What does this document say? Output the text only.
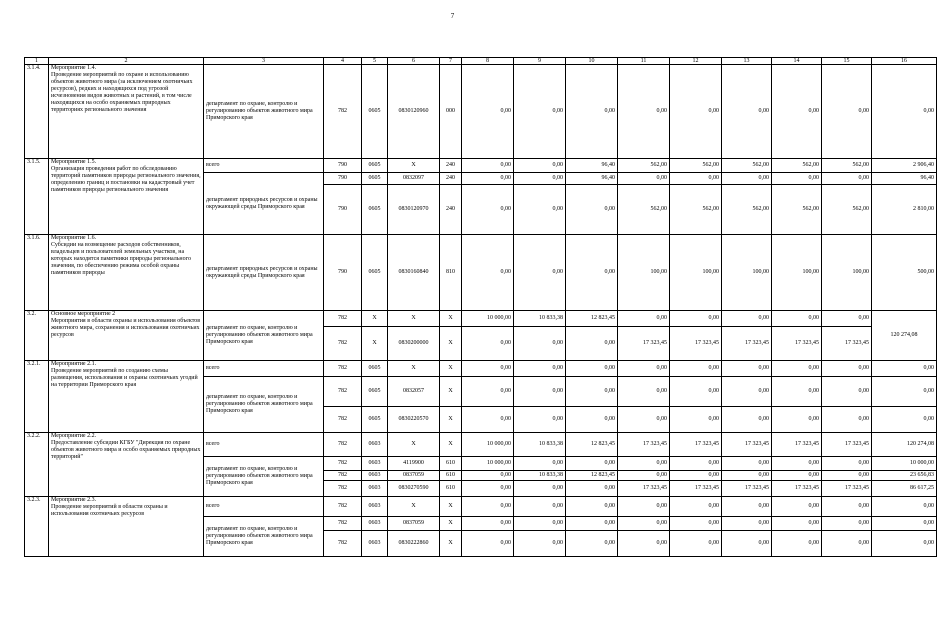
7
1	2	3	4	5	6	7	8	9	10	11	12	13	14	15	16
3.1.4.	Мероприятие 1.4.
Проведение мероприятий по охране и использованию объектов животного мира (за исключением охотничьих ресурсов), редких и находящихся под угрозой исчезновения видов животных и растений, в том числе находящихся на особо охраняемых природных территориях регионального значения	департамент по охране, контролю и регулированию объектов животного мира Приморского края	782	0605	0830120960	000	0,00	0,00	0,00	0,00	0,00	0,00	0,00	0,00	0,00
3.1.5.	Мероприятие 1.5.
Организация проведения работ по обследованию территорий памятников природы регионального значения, определению границ и постановки на кадастровый учет памятников природы регионального значения	всего	790	0605	X	240	0,00	0,00	96,40	562,00	562,00	562,00	562,00	562,00	2 906,40
		департамент природных ресурсов и охраны окружающей среды Приморского края	790	0605	0832097	240	0,00	0,00	96,40	0,00	0,00	0,00	0,00	0,00	96,40
			790	0605	0830120970	240	0,00	0,00	0,00	562,00	562,00	562,00	562,00	562,00	2 810,00
3.1.6.	Мероприятие 1.6.
Субсидии на возмещение расходов собственников, владельцев и пользователей земельных участков, на которых находятся памятники природы регионального значения, по обеспечению режима особой охраны памятников природы	департамент природных ресурсов и охраны окружающей среды Приморского края	790	0605	0830160840	810	0,00	0,00	0,00	100,00	100,00	100,00	100,00	100,00	500,00
3.2.	Основное мероприятие 2
Мероприятия в области охраны и использования объектов животного мира, сохранения и использования охотничьих ресурсов	департамент по охране, контролю и регулированию объектов животного мира Приморского края	782	X	X	X	10 000,00	10 833,38	12 823,45	0,00	0,00	0,00	0,00	0,00	120 274,08
			782	X	0830200000	X	0,00	0,00	0,00	17 323,45	17 323,45	17 323,45	17 323,45	17 323,45	
3.2.1.	Мероприятие 2.1.
Проведение мероприятий по созданию схемы размещения, использования и охраны охотничьих угодий на территории Приморского края	всего	782	0605	X	X	0,00	0,00	0,00	0,00	0,00	0,00	0,00	0,00	0,00
		департамент по охране, контролю и регулированию объектов животного мира Приморского края	782	0605	0832057	X	0,00	0,00	0,00	0,00	0,00	0,00	0,00	0,00	0,00
			782	0605	0830220570	X	0,00	0,00	0,00	0,00	0,00	0,00	0,00	0,00	0,00
3.2.2.	Мероприятие 2.2.
Предоставление субсидии КГБУ "Дирекция по охране объектов животного мира и особо охраняемых природных территорий"	всего	782	0603	X	X	10 000,00	10 833,38	12 823,45	17 323,45	17 323,45	17 323,45	17 323,45	17 323,45	120 274,08
		департамент по охране, контролю и регулированию объектов животного мира Приморского края	782	0603	4119900	610	10 000,00	0,00	0,00	0,00	0,00	0,00	0,00	0,00	10 000,00
			782	0603	0837059	610	0,00	10 833,38	12 823,45	0,00	0,00	0,00	0,00	0,00	23 656,83
			782	0603	0830270590	610	0,00	0,00	0,00	17 323,45	17 323,45	17 323,45	17 323,45	17 323,45	86 617,25
3.2.3.	Мероприятие 2.3.
Проведение мероприятий в области охраны и использования охотничьих ресурсов	всего	782	0603	X	X	0,00	0,00	0,00	0,00	0,00	0,00	0,00	0,00	0,00
		департамент по охране, контролю и регулированию объектов животного мира Приморского края	782	0603	0837059	X	0,00	0,00	0,00	0,00	0,00	0,00	0,00	0,00	0,00
			782	0603	0830222860	X	0,00	0,00	0,00	0,00	0,00	0,00	0,00	0,00	0,00
